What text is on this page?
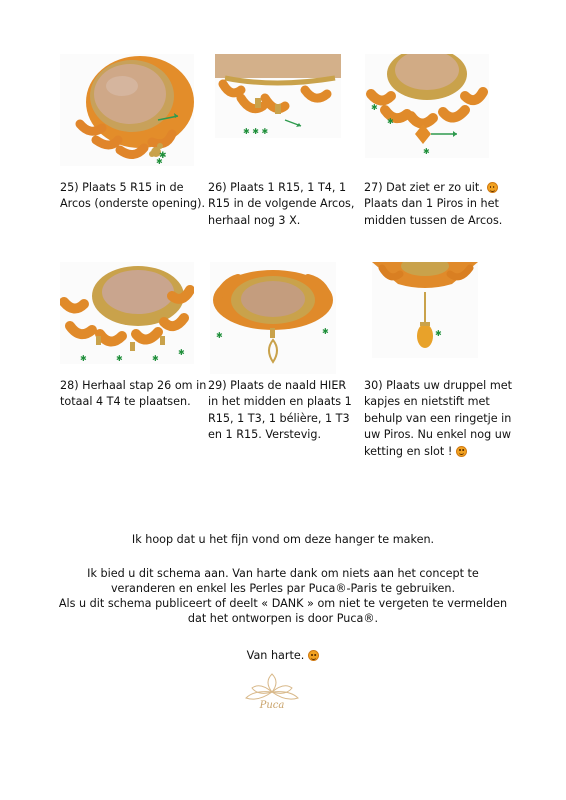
✱
✱
✱ ✱ ✱
✱
✱
✱
25) Plaats 5 R15 in de Arcos (onderste opening).
26) Plaats 1 R15, 1 T4, 1 R15 in de volgende Arcos, herhaal nog 3 X.
27) Dat ziet er zo uit.
Plaats dan 1 Piros in het midden tussen de Arcos.
✱	✱	✱
✱
✱	✱	✱
28) Herhaal stap 26 om in totaal 4 T4 te plaatsen.
29) Plaats de naald HIER in het midden en plaats 1 R15, 1 T3, 1 bélière, 1 T3 en 1 R15. Verstevig.
30) Plaats uw druppel met kapjes en nietstift met behulp van een ringetje in uw Piros. Nu enkel nog uw ketting en slot !
Ik hoop dat u het fijn vond om deze hanger te maken.
Ik bied u dit schema aan. Van harte dank om niets aan het concept te veranderen en enkel les Perles par Puca®-Paris te gebruiken.
Als u dit schema publiceert of deelt « DANK » om niet te vergeten te vermelden dat het ontworpen is door Puca®.
Van harte.
Puca
